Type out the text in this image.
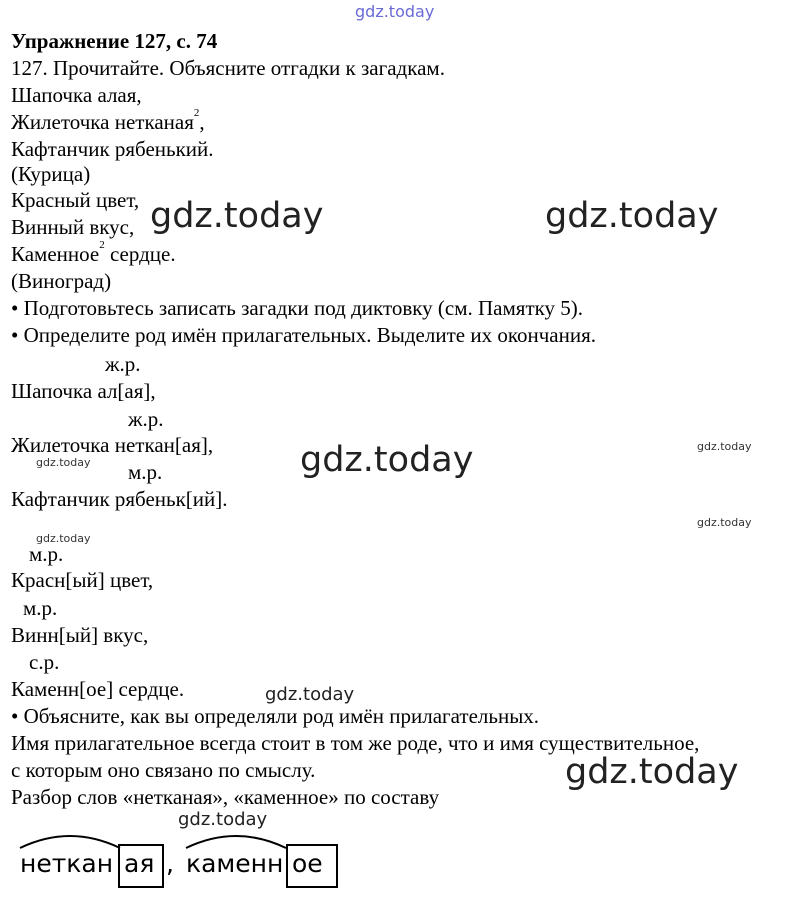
gdz.today
gdz.today	gdz.today
gdz.today
gdz.today
gdz.today
gdz.today
gdz.today
gdz.today
gdz.today
gdz.today
Упражнение 127, с. 74
127. Прочитайте. Объясните отгадки к загадкам.
Шапочка алая,
Жилеточка нетканая$^2$,
Кафтанчик рябенький.
(Курица)
Красный цвет,
Винный вкус,
Каменное$^2$ сердце.
(Виноград)
• Подготовьтесь записать загадки под диктовку (см. Памятку 5).
• Определите род имён прилагательных. Выделите их окончания.
ж.р.
Шапочка ал[ая],
ж.р.
Жилеточка неткан[ая],
м.р.
Кафтанчик рябеньк[ий].
м.р.
Красн[ый] цвет,
м.р.
Винн[ый] вкус,
с.р.
Каменн[ое] сердце.
• Объясните, как вы определяли род имён прилагательных.
Имя прилагательное всегда стоит в том же роде, что и имя существительное,
с которым оно связано по смыслу.
Разбор слов «нетканая», «каменное» по составу
неткан ая , каменн ое
